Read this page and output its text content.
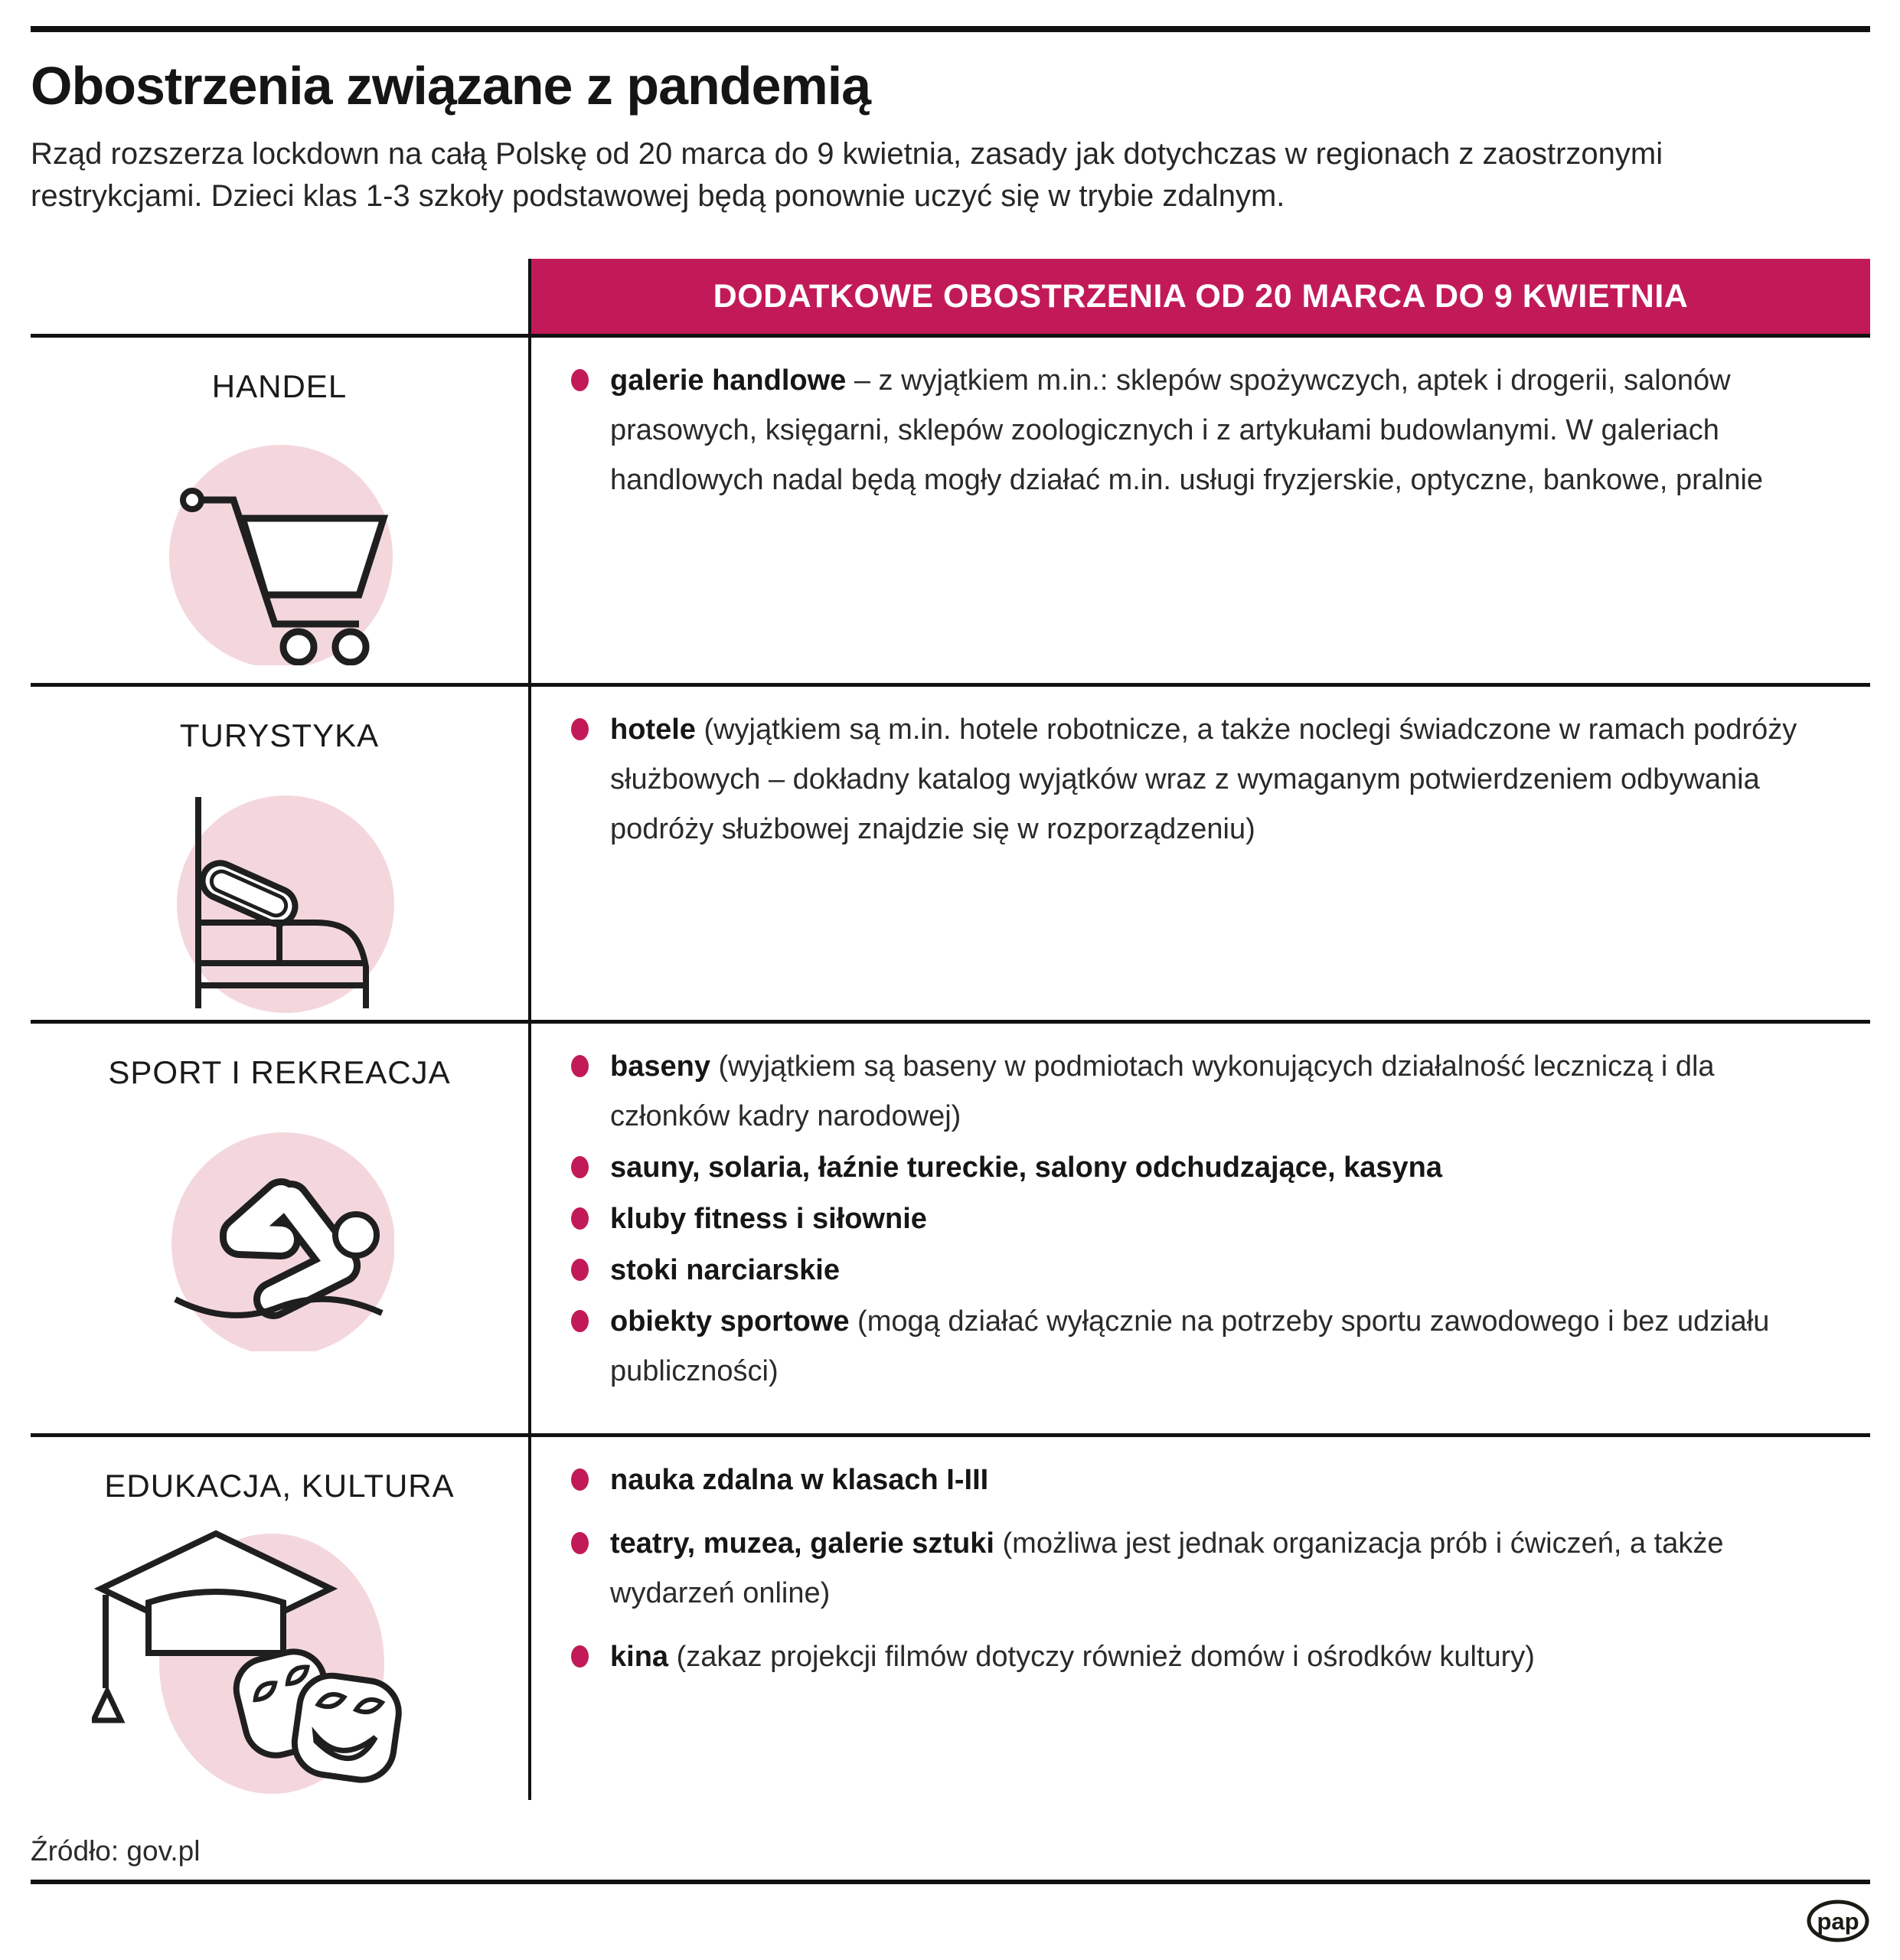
Obostrzenia związane z pandemią

Rząd rozszerza lockdown na całą Polskę od 20 marca do 9 kwietnia, zasady jak dotychczas w regionach z zaostrzonymi restrykcjami. Dzieci klas 1-3 szkoły podstawowej będą ponownie uczyć się w trybie zdalnym.

DODATKOWE OBOSTRZENIA OD 20 MARCA DO 9 KWIETNIA
HANDEL	galerie handlowe – z wyjątkiem m.in.: sklepów spożywczych, aptek i drogerii, salonów prasowych, księgarni, sklepów zoologicznych i z artykułami budowlanymi. W galeriach handlowych nadal będą mogły działać m.in. usługi fryzjerskie, optyczne, bankowe, pralnie

TURYSTYKA	hotele (wyjątkiem są m.in. hotele robotnicze, a także noclegi świadczone w ramach podróży służbowych – dokładny katalog wyjątków wraz z wymaganym potwierdzeniem odbywania podróży służbowej znajdzie się w rozporządzeniu)

SPORT I REKREACJA	baseny (wyjątkiem są baseny w podmiotach wykonujących działalność leczniczą i dla członków kadry narodowej)

sauny, solaria, łaźnie tureckie, salony odchudzające, kasyna

kluby fitness i siłownie

stoki narciarskie

obiekty sportowe (mogą działać wyłącznie na potrzeby sportu zawodowego i bez udziału publiczności)

EDUKACJA, KULTURA	nauka zdalna w klasach I-III

teatry, muzea, galerie sztuki (możliwa jest jednak organizacja prób i ćwiczeń, a także wydarzeń online)

kina (zakaz projekcji filmów dotyczy również domów i ośrodków kultury)

Źródło: gov.pl
pap
